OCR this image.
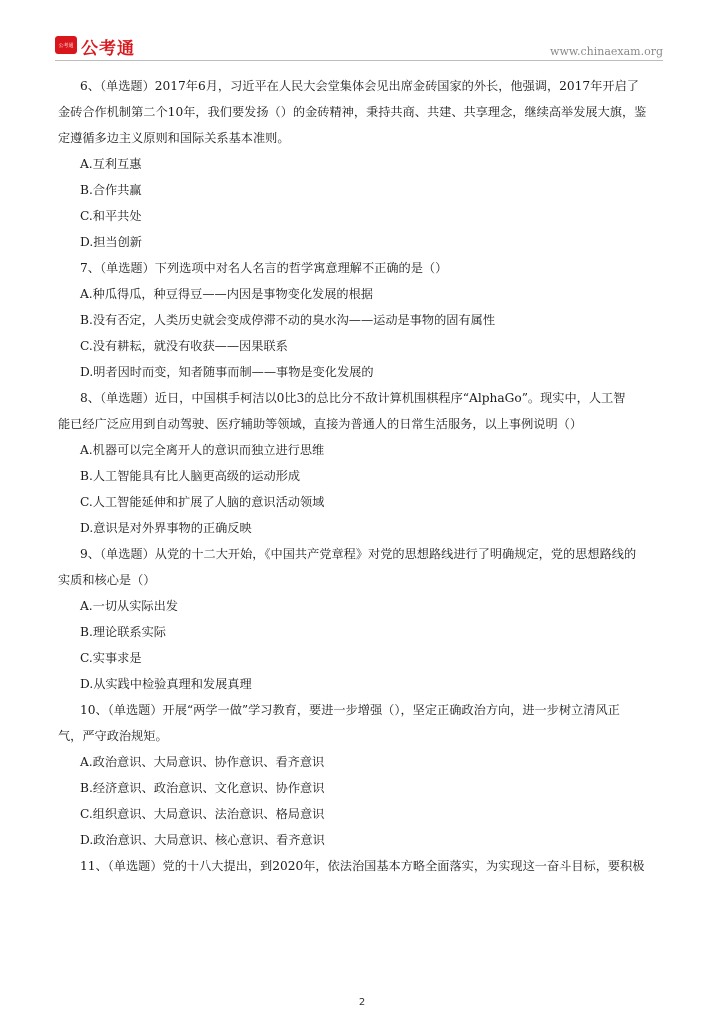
公考通 公考通	www.chinaexam.org
6、（单选题）2017年6月，习近平在人民大会堂集体会见出席金砖国家的外长，他强调，2017年开启了
金砖合作机制第二个10年，我们要发扬（）的金砖精神，秉持共商、共建、共享理念，继续高举发展大旗，鉴
定遵循多边主义原则和国际关系基本准则。
A.互利互惠
B.合作共赢
C.和平共处
D.担当创新
7、（单选题）下列选项中对名人名言的哲学寓意理解不正确的是（）
A.种瓜得瓜，种豆得豆——内因是事物变化发展的根据
B.没有否定，人类历史就会变成停滞不动的臭水沟——运动是事物的固有属性
C.没有耕耘，就没有收获——因果联系
D.明者因时而变，知者随事而制——事物是变化发展的
8、（单选题）近日，中国棋手柯洁以0比3的总比分不敌计算机围棋程序“AlphaGo”。现实中，人工智
能已经广泛应用到自动驾驶、医疗辅助等领域，直接为普通人的日常生活服务，以上事例说明（）
A.机器可以完全离开人的意识而独立进行思维
B.人工智能具有比人脑更高级的运动形成
C.人工智能延伸和扩展了人脑的意识活动领域
D.意识是对外界事物的正确反映
9、（单选题）从党的十二大开始，《中国共产党章程》对党的思想路线进行了明确规定，党的思想路线的
实质和核心是（）
A.一切从实际出发
B.理论联系实际
C.实事求是
D.从实践中检验真理和发展真理
10、（单选题）开展“两学一做”学习教育，要进一步增强（），坚定正确政治方向，进一步树立清风正
气，严守政治规矩。
A.政治意识、大局意识、协作意识、看齐意识
B.经济意识、政治意识、文化意识、协作意识
C.组织意识、大局意识、法治意识、格局意识
D.政治意识、大局意识、核心意识、看齐意识
11、（单选题）党的十八大提出，到2020年，依法治国基本方略全面落实，为实现这一奋斗目标，要积极
2
